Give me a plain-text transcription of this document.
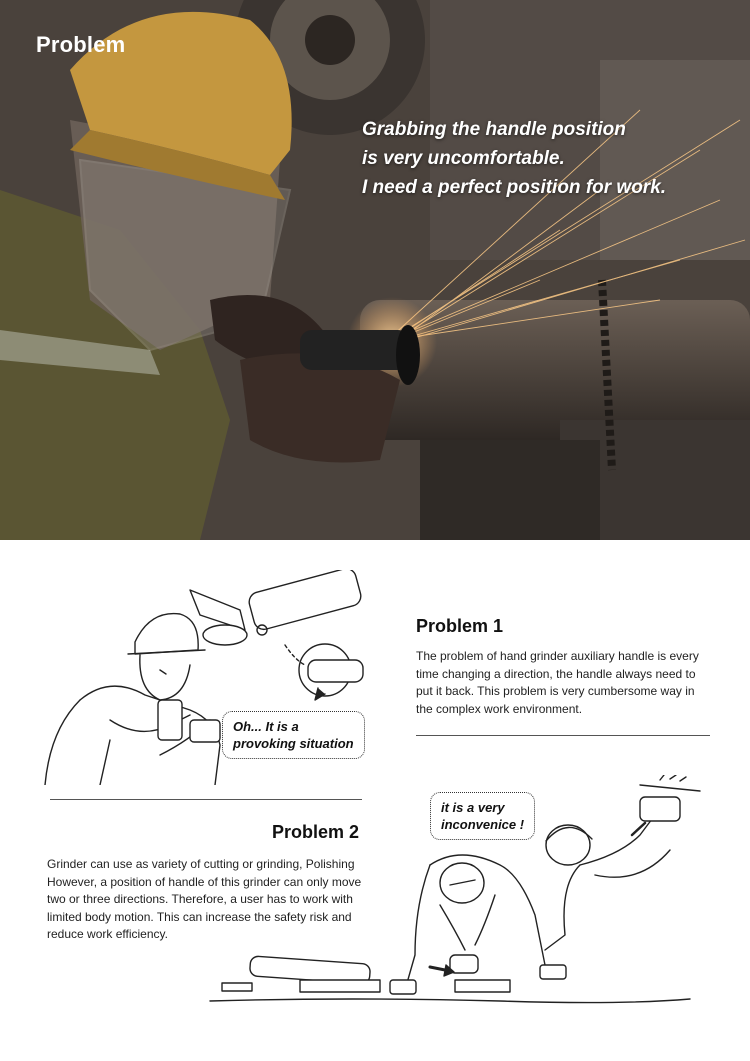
Problem
Grabbing the handle position
is very uncomfortable.
I need a perfect position for work.
Oh... It is a
provoking situation
Problem 1
The problem of hand grinder auxiliary handle is every
time changing a direction, the handle always need to
put it back. This problem is very cumbersome way in
the complex work environment.
Problem 2
Grinder can use as variety of cutting or grinding, Polishing
However, a position of handle of this grinder can only move
two or three directions. Therefore, a user has to work with
limited body motion. This can increase the safety risk and
reduce work efficiency.
it is a very
inconvenice !
